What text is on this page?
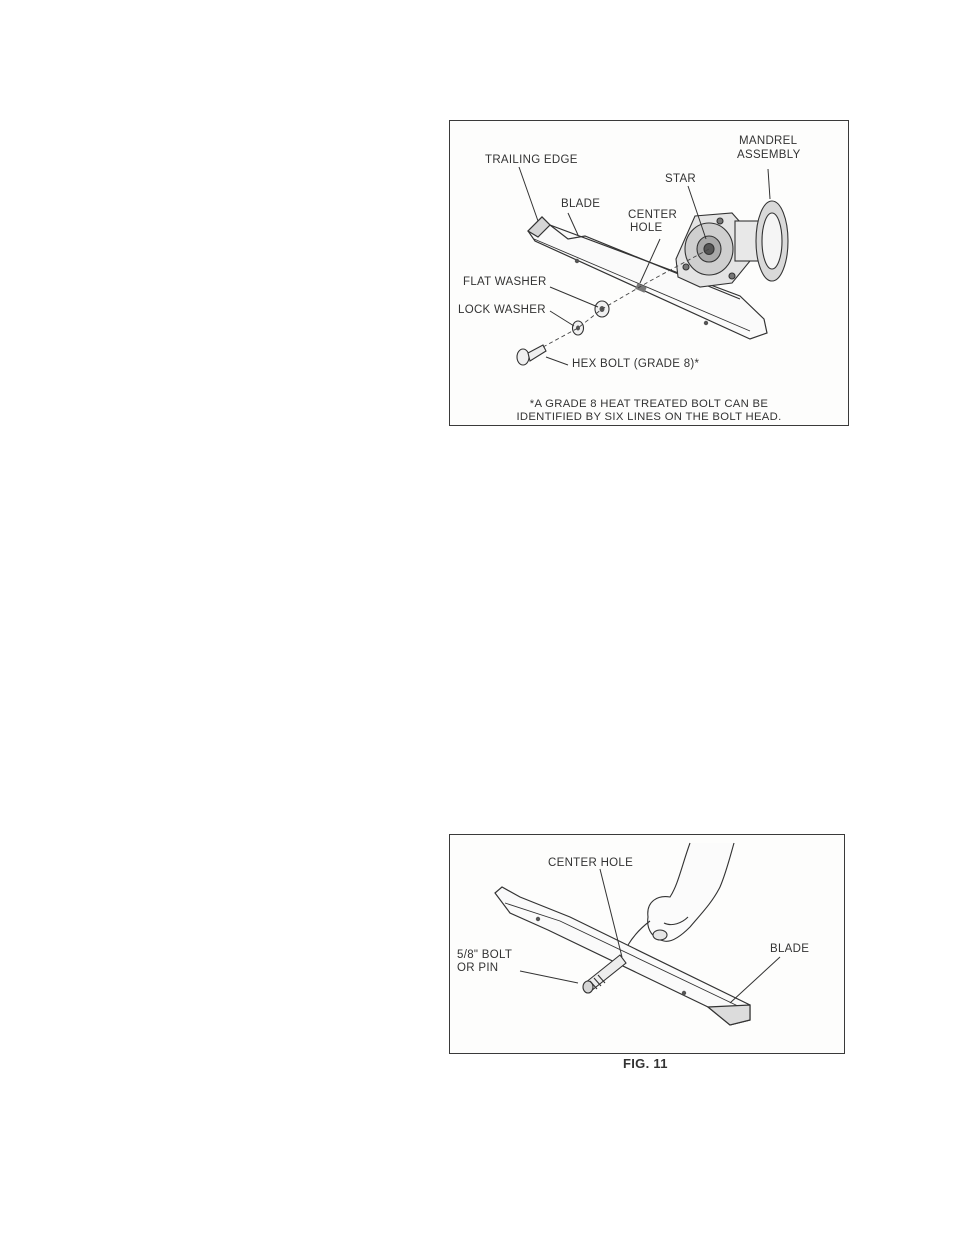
MANDREL
ASSEMBLY
TRAILING EDGE
STAR
BLADE
CENTER
HOLE
FLAT WASHER
LOCK WASHER
HEX BOLT (GRADE 8)*
*A GRADE 8 HEAT TREATED BOLT CAN BE
IDENTIFIED BY SIX LINES ON THE BOLT HEAD.
CENTER HOLE
5/8" BOLT
OR PIN
BLADE
FIG. 11
